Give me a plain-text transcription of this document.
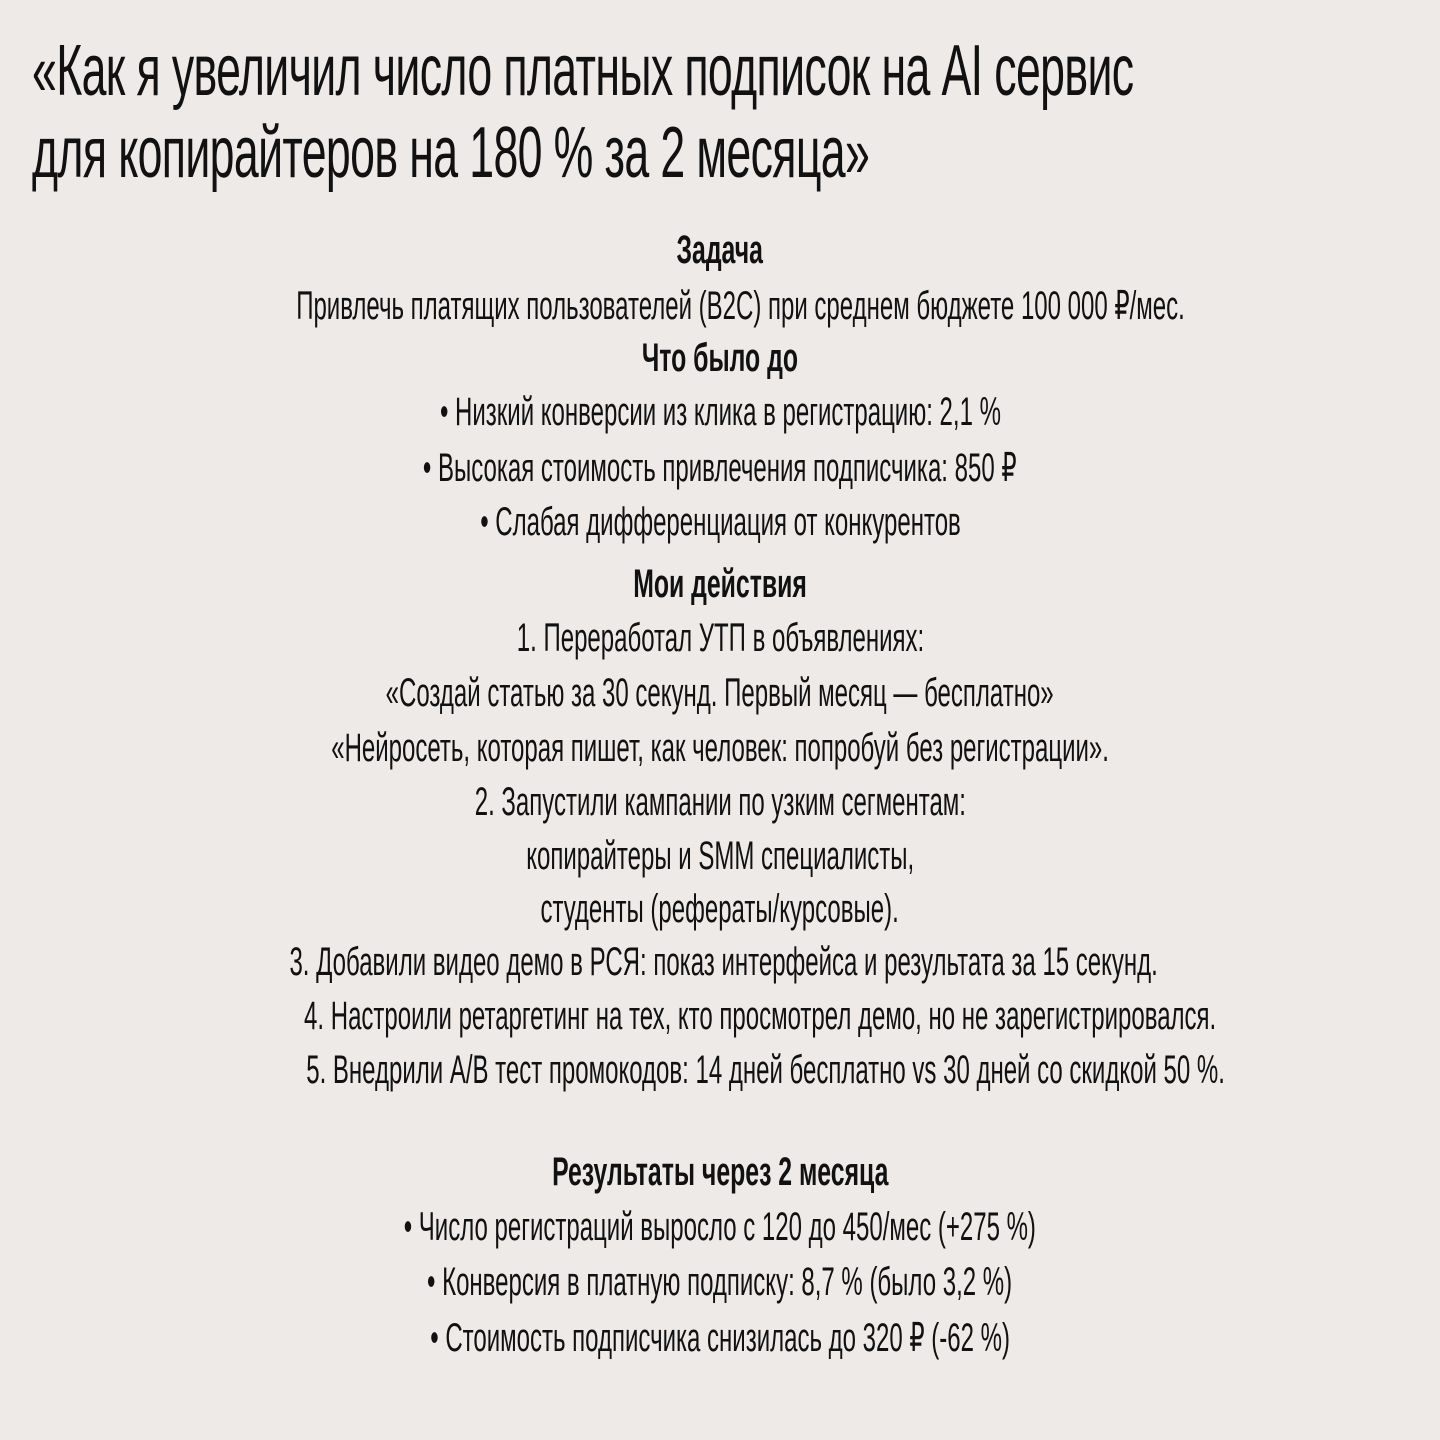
«Как я увеличил число платных подписок на AI сервис
для копирайтеров на 180 % за 2 месяца»
Задача
Привлечь платящих пользователей (B2C) при среднем бюджете 100 000 ₽/мес.
Что было до
• Низкий конверсии из клика в регистрацию: 2,1 %
• Высокая стоимость привлечения подписчика: 850 ₽
• Слабая дифференциация от конкурентов
Мои действия
1. Переработал УТП в объявлениях:
«Создай статью за 30 секунд. Первый месяц — бесплатно»
«Нейросеть, которая пишет, как человек: попробуй без регистрации».
2. Запустили кампании по узким сегментам:
копирайтеры и SMM специалисты,
студенты (рефераты/курсовые).
3. Добавили видео демо в РСЯ: показ интерфейса и результата за 15 секунд.
4. Настроили ретаргетинг на тех, кто просмотрел демо, но не зарегистрировался.
5. Внедрили A/B тест промокодов: 14 дней бесплатно vs 30 дней со скидкой 50 %.
Результаты через 2 месяца
• Число регистраций выросло с 120 до 450/мес (+275 %)
• Конверсия в платную подписку: 8,7 % (было 3,2 %)
• Стоимость подписчика снизилась до 320 ₽ (-62 %)
